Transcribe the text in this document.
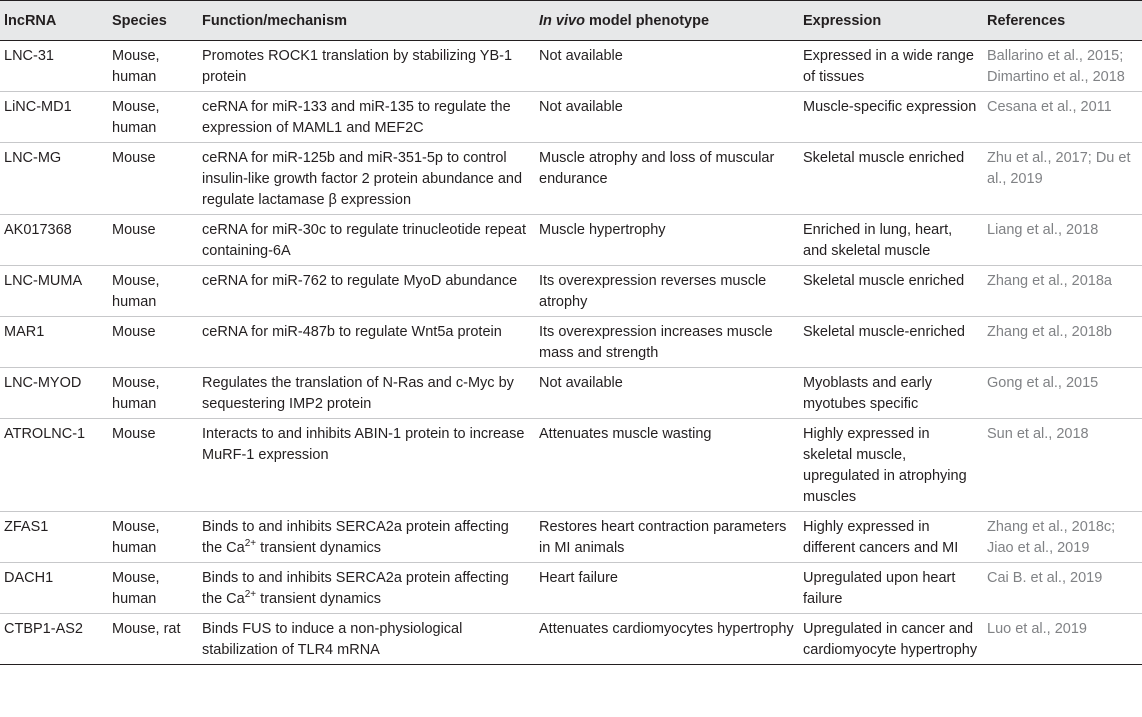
lncRNA	Species	Function/mechanism	In vivo model phenotype	Expression	References
LNC-31	Mouse, human	Promotes ROCK1 translation by stabilizing YB-1 protein	Not available	Expressed in a wide range of tissues	Ballarino et al., 2015; Dimartino et al., 2018
LiNC-MD1	Mouse, human	ceRNA for miR-133 and miR-135 to regulate the expression of MAML1 and MEF2C	Not available	Muscle-specific expression	Cesana et al., 2011
LNC-MG	Mouse	ceRNA for miR-125b and miR-351-5p to control insulin-like growth factor 2 protein abundance and regulate lactamase β expression	Muscle atrophy and loss of muscular endurance	Skeletal muscle enriched	Zhu et al., 2017; Du et al., 2019
AK017368	Mouse	ceRNA for miR-30c to regulate trinucleotide repeat containing-6A	Muscle hypertrophy	Enriched in lung, heart, and skeletal muscle	Liang et al., 2018
LNC-MUMA	Mouse, human	ceRNA for miR-762 to regulate MyoD abundance	Its overexpression reverses muscle atrophy	Skeletal muscle enriched	Zhang et al., 2018a
MAR1	Mouse	ceRNA for miR-487b to regulate Wnt5a protein	Its overexpression increases muscle mass and strength	Skeletal muscle-enriched	Zhang et al., 2018b
LNC-MYOD	Mouse, human	Regulates the translation of N-Ras and c-Myc by sequestering IMP2 protein	Not available	Myoblasts and early myotubes specific	Gong et al., 2015
ATROLNC-1	Mouse	Interacts to and inhibits ABIN-1 protein to increase MuRF-1 expression	Attenuates muscle wasting	Highly expressed in skeletal muscle, upregulated in atrophying muscles	Sun et al., 2018
ZFAS1	Mouse, human	Binds to and inhibits SERCA2a protein affecting the $Ca^{2+}$ transient dynamics	Restores heart contraction parameters in MI animals	Highly expressed in different cancers and MI	Zhang et al., 2018c; Jiao et al., 2019
DACH1	Mouse, human	Binds to and inhibits SERCA2a protein affecting the $Ca^{2+}$ transient dynamics	Heart failure	Upregulated upon heart failure	Cai B. et al., 2019
CTBP1-AS2	Mouse, rat	Binds FUS to induce a non-physiological stabilization of TLR4 mRNA	Attenuates cardiomyocytes hypertrophy	Upregulated in cancer and cardiomyocyte hypertrophy	Luo et al., 2019
